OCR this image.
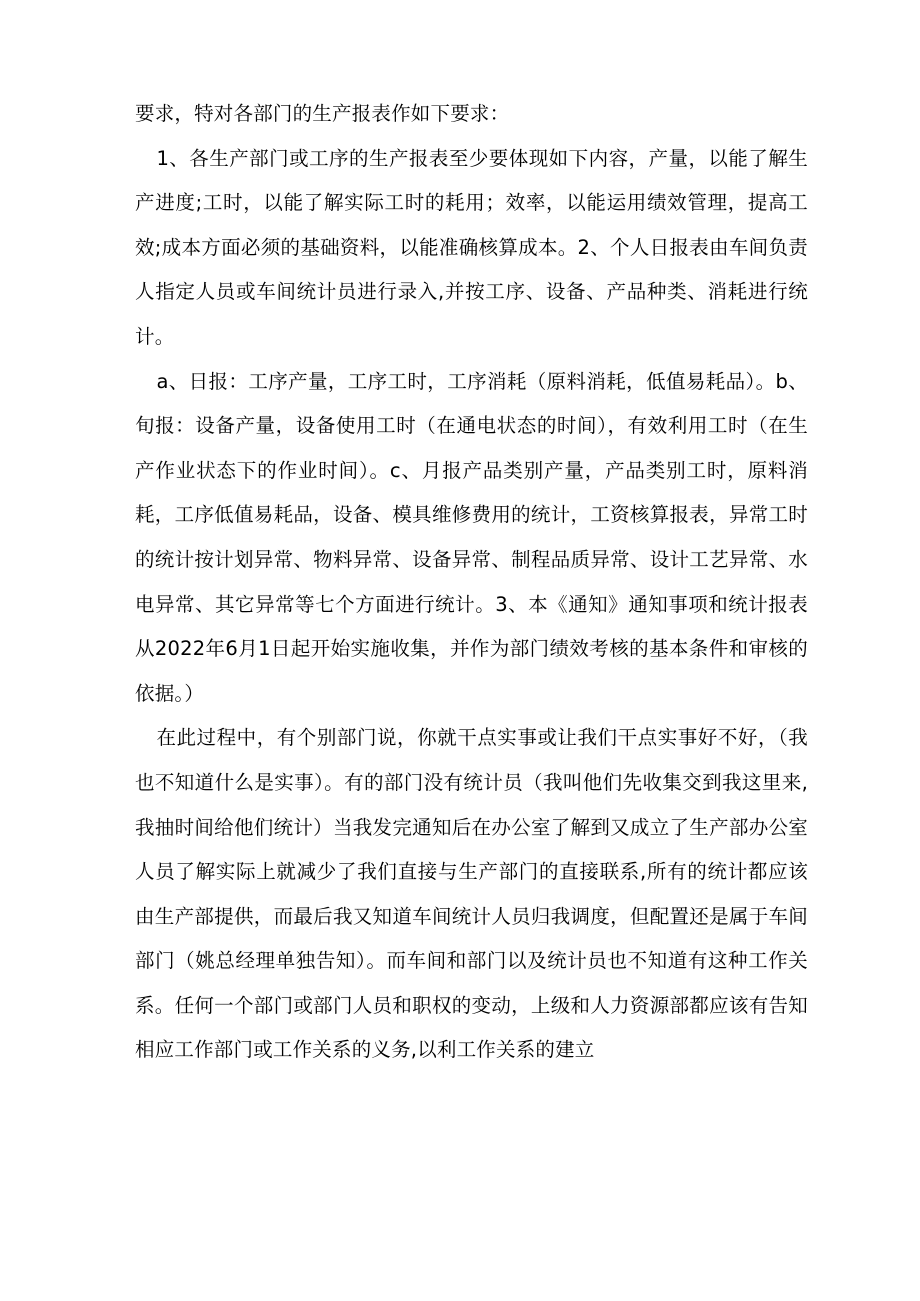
要求，特对各部门的生产报表作如下要求：

1、各生产部门或工序的生产报表至少要体现如下内容，产量，以能了解生产进度;工时，以能了解实际工时的耗用；效率，以能运用绩效管理，提高工效;成本方面必须的基础资料，以能准确核算成本。2、个人日报表由车间负责人指定人员或车间统计员进行录入,并按工序、设备、产品种类、消耗进行统计。

a、日报：工序产量，工序工时，工序消耗（原料消耗，低值易耗品）。b、旬报：设备产量，设备使用工时（在通电状态的时间），有效利用工时（在生产作业状态下的作业时间）。c、月报产品类别产量，产品类别工时，原料消耗，工序低值易耗品，设备、模具维修费用的统计，工资核算报表，异常工时的统计按计划异常、物料异常、设备异常、制程品质异常、设计工艺异常、水电异常、其它异常等七个方面进行统计。3、本《通知》通知事项和统计报表从2022年6月1日起开始实施收集，并作为部门绩效考核的基本条件和审核的依据。）

在此过程中，有个别部门说，你就干点实事或让我们干点实事好不好，（我也不知道什么是实事）。有的部门没有统计员（我叫他们先收集交到我这里来,我抽时间给他们统计）当我发完通知后在办公室了解到又成立了生产部办公室人员了解实际上就减少了我们直接与生产部门的直接联系,所有的统计都应该由生产部提供，而最后我又知道车间统计人员归我调度，但配置还是属于车间部门（姚总经理单独告知）。而车间和部门以及统计员也不知道有这种工作关系。任何一个部门或部门人员和职权的变动，上级和人力资源部都应该有告知相应工作部门或工作关系的义务,以利工作关系的建立
